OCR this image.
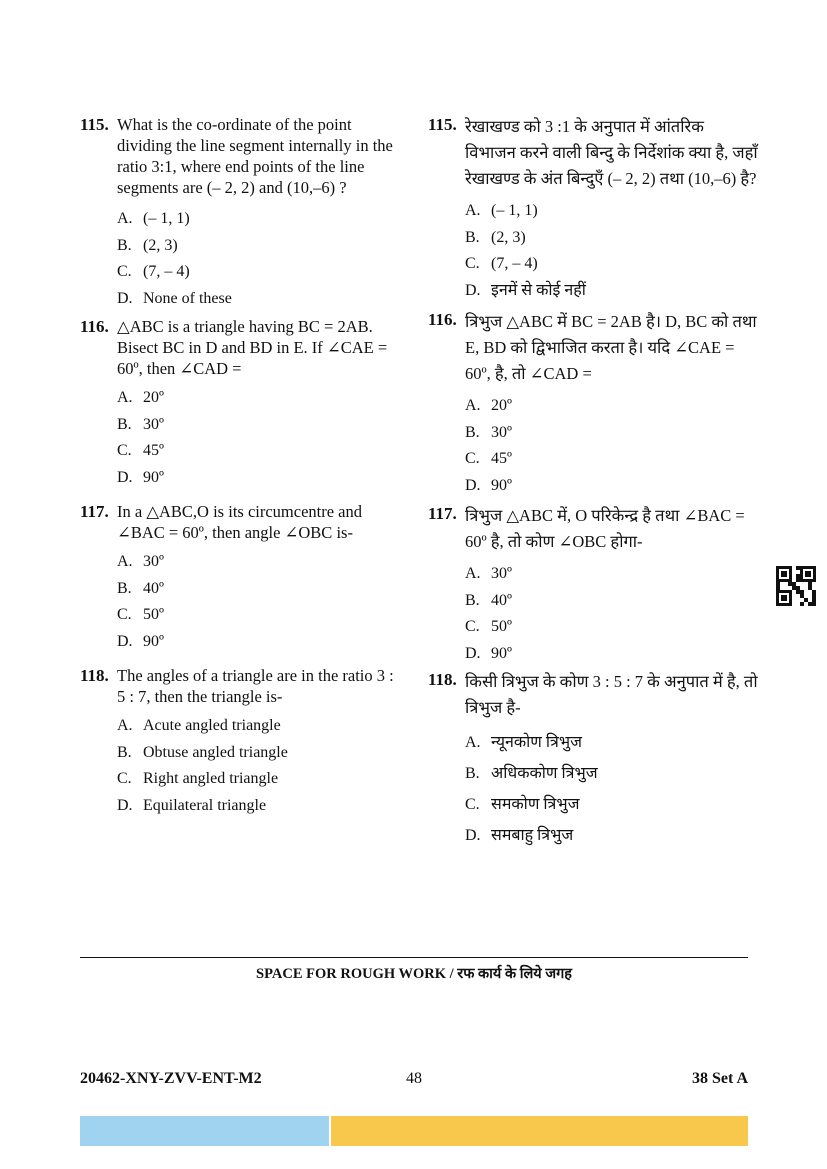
115. What is the co-ordinate of the point dividing the line segment internally in the ratio 3:1, where end points of the line segments are (– 2, 2) and (10,–6) ?
A. (– 1, 1)
B. (2, 3)
C. (7, – 4)
D. None of these
116. △ABC is a triangle having BC = 2AB. Bisect BC in D and BD in E. If ∠CAE = 60º, then ∠CAD =
A. 20º
B. 30º
C. 45º
D. 90º
117. In a △ABC,O is its circumcentre and ∠BAC = 60º, then angle ∠OBC is-
A. 30º
B. 40º
C. 50º
D. 90º
118. The angles of a triangle are in the ratio 3 : 5 : 7, then the triangle is-
A. Acute angled triangle
B. Obtuse angled triangle
C. Right angled triangle
D. Equilateral triangle
115. रेखाखण्ड को 3 :1 के अनुपात में आंतरिक विभाजन करने वाली बिन्दु के निर्देशांक क्या है, जहाँ रेखाखण्ड के अंत बिन्दुएँ (– 2, 2) तथा (10,–6) है?
A. (– 1, 1)
B. (2, 3)
C. (7, – 4)
D. इनमें से कोई नहीं
116. त्रिभुज △ABC में BC = 2AB है। D, BC को तथा E, BD को द्विभाजित करता है। यदि ∠CAE = 60º, है, तो ∠CAD =
A. 20º
B. 30º
C. 45º
D. 90º
117. त्रिभुज △ABC में, O परिकेन्द्र है तथा ∠BAC = 60º है, तो कोण ∠OBC होगा-
A. 30º
B. 40º
C. 50º
D. 90º
118. किसी त्रिभुज के कोण 3 : 5 : 7 के अनुपात में है, तो त्रिभुज है-
A. न्यूनकोण त्रिभुज
B. अधिककोण त्रिभुज
C. समकोण त्रिभुज
D. समबाहु त्रिभुज
SPACE FOR ROUGH WORK / रफ कार्य के लिये जगह
20462-XNY-ZVV-ENT-M2	48	38 Set A
